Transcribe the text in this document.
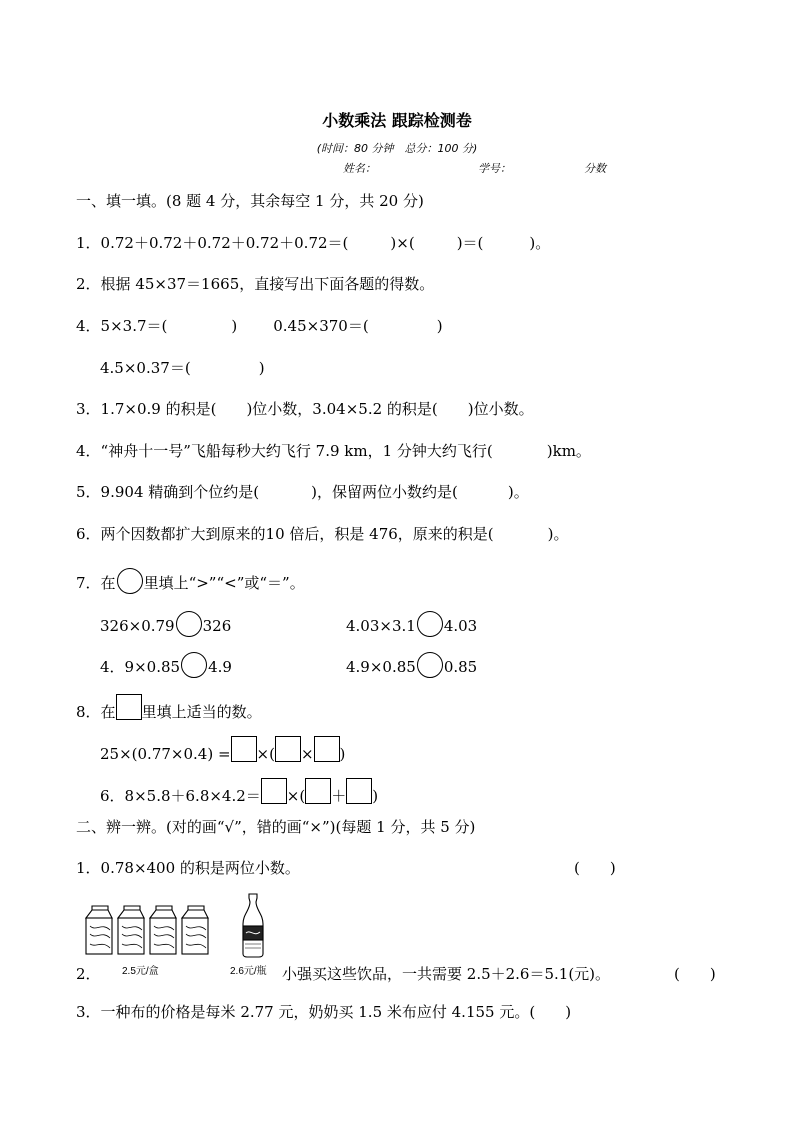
小数乘法 跟踪检测卷
(时间：80 分钟　总分：100 分)
姓名：	学号：	分数
一、填一填。(8 题 4 分，其余每空 1 分，共 20 分)
1．0.72＋0.72＋0.72＋0.72＋0.72＝(	)×(	)＝(	)。
2．根据 45×37＝1665，直接写出下面各题的得数。
4．5×3.7＝(	) 0.45×370＝(	)
4.5×0.37＝(	)
3．1.7×0.9 的积是( )位小数，3.04×5.2 的积是( )位小数。
4．“神舟十一号”飞船每秒大约飞行 7.9 km，1 分钟大约飞行(	)km。
5．9.904 精确到个位约是(	)，保留两位小数约是(	)。
6．两个因数都扩大到原来的10 倍后，积是 476，原来的积是(	)。
7．在 里填上“>”“<”或“＝”。
326×0.79 326	4.03×3.1 4.03
4．9×0.85 4.9	4.9×0.85 0.85
8．在 里填上适当的数。
25×(0.77×0.4) = ×( × )
6．8×5.8＋6.8×4.2＝ ×( ＋ )
二、辨一辨。(对的画“√”，错的画“×”)(每题 1 分，共 5 分)
1．0.78×400 的积是两位小数。	(　　)
2.5元/盒	2.6元/瓶
2．	小强买这些饮品，一共需要 2.5＋2.6＝5.1(元)。	(　　)
3．一种布的价格是每米 2.77 元，奶奶买 1.5 米布应付 4.155 元。(　　)
